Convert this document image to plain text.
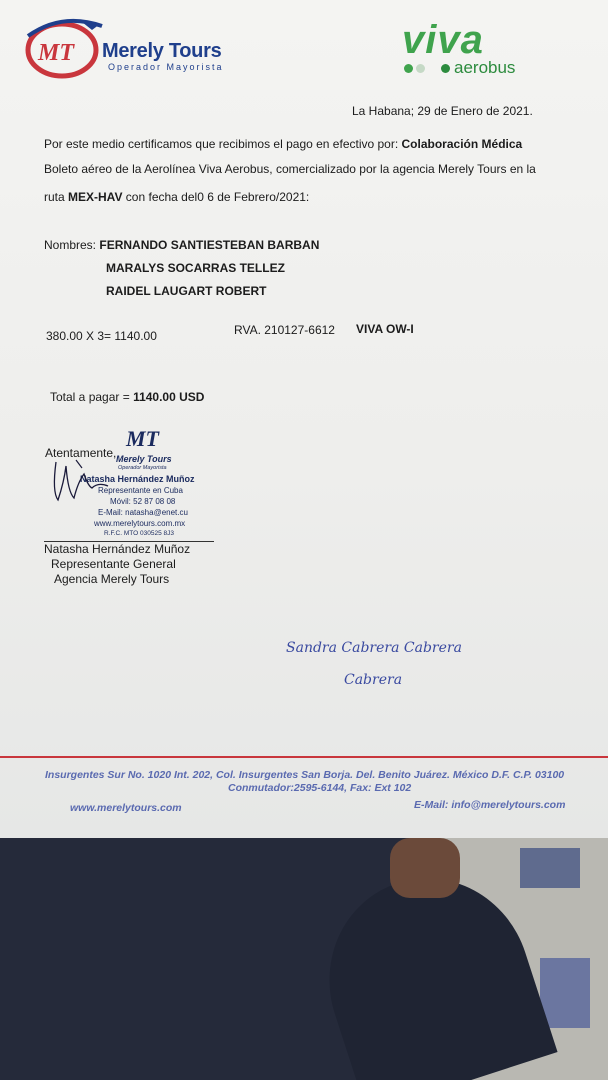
MT Merely Tours
Operador Mayorista
viva
aerobus
La Habana; 29 de Enero de 2021.
Por este medio certificamos que recibimos el pago en efectivo por: Colaboración Médica
Boleto aéreo de la Aerolínea Viva Aerobus, comercializado por la agencia Merely Tours en la
ruta MEX-HAV con fecha del0 6 de Febrero/2021:
Nombres: FERNANDO SANTIESTEBAN BARBAN
MARALYS SOCARRAS TELLEZ
RAIDEL LAUGART ROBERT
380.00 X 3= 1140.00	RVA. 210127-6612 VIVA OW-I
Total a pagar = 1140.00 USD
Atentamente,
MT
Merely Tours
Operador Mayorista
Natasha Hernández Muñoz
Representante en Cuba
Móvil: 52 87 08 08
E-Mail: natasha@enet.cu
www.merelytours.com.mx
R.F.C. MTO 030525 8J3
Natasha Hernández Muñoz
Representante General
Agencia Merely Tours
Sandra Cabrera Cabrera
Cabrera
Insurgentes Sur No. 1020 Int. 202, Col. Insurgentes San Borja. Del. Benito Juárez. México D.F. C.P. 03100
Conmutador:2595-6144, Fax: Ext 102
www.merelytours.com	E-Mail: info@merelytours.com
